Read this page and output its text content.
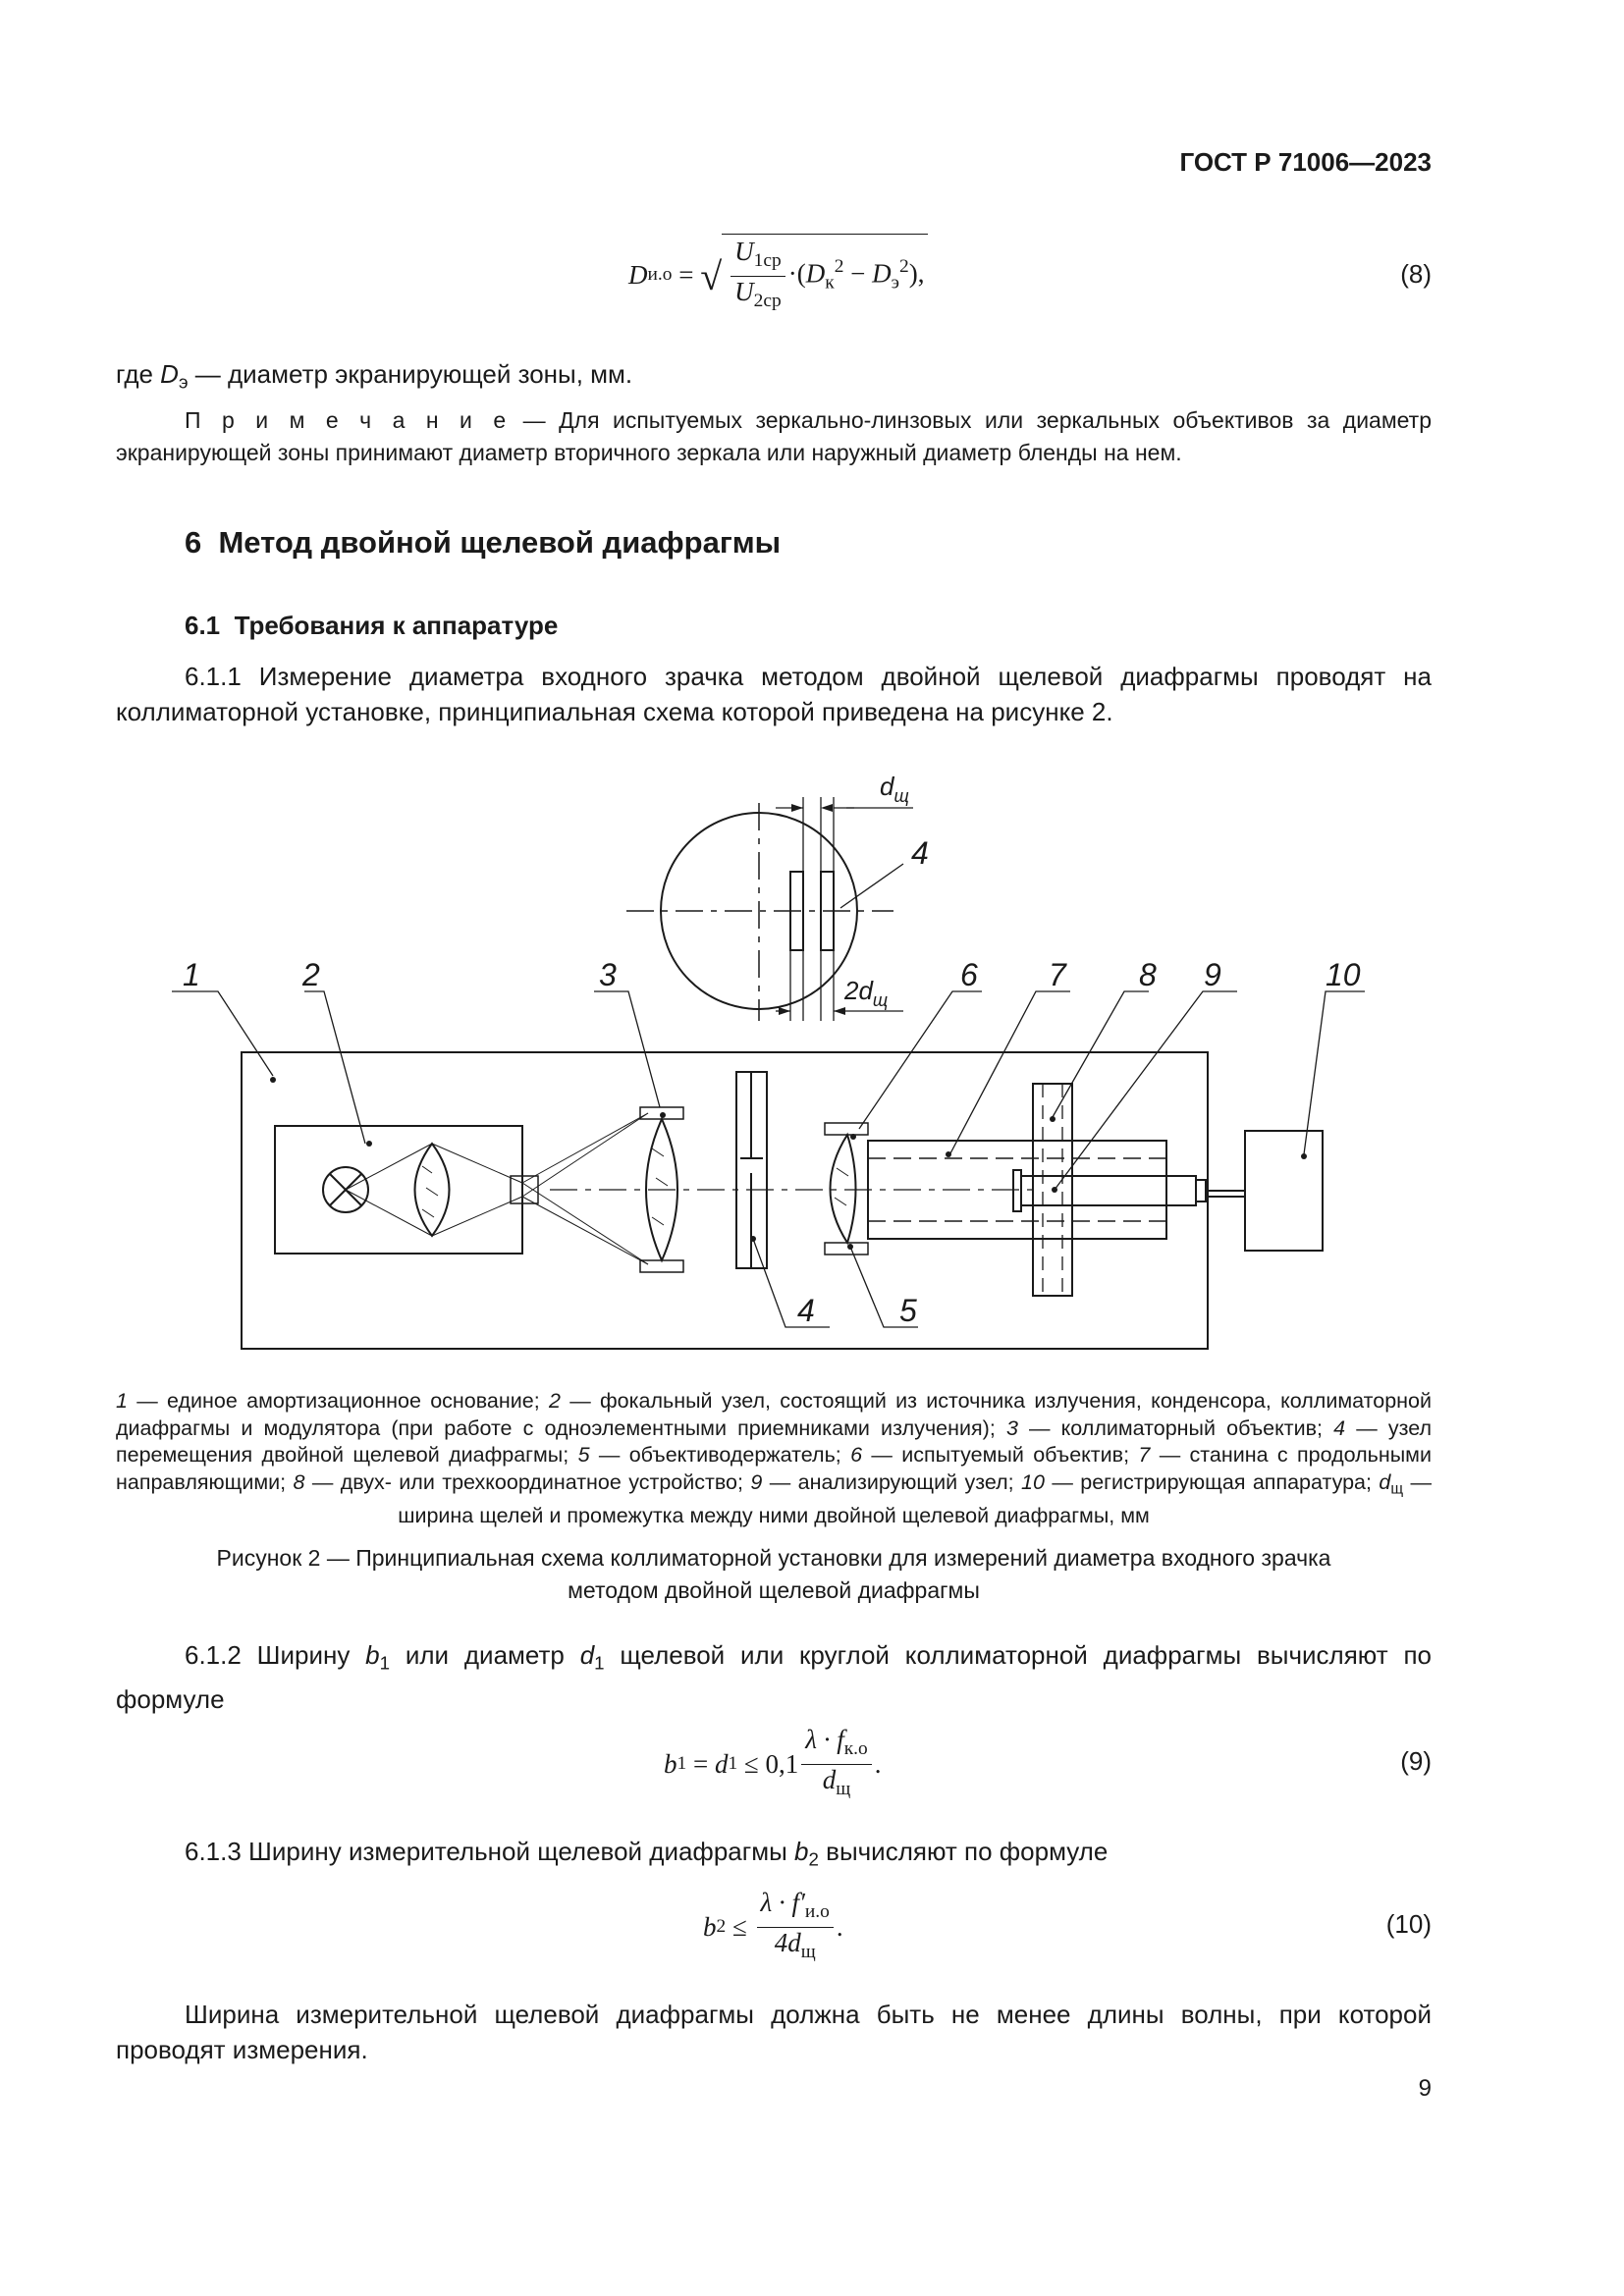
ГОСТ Р 71006—2023
D и.о = √ $\frac{U_{1ср}}{U_{2ср}} \cdot(D_к^2 - D_э^2)$,	(8)
где $D_э$ — диаметр экранирующей зоны, мм.
П р и м е ч а н и е — Для испытуемых зеркально-линзовых или зеркальных объективов за диаметр экранирующей зоны принимают диаметр вторичного зеркала или наружный диаметр бленды на нем.
6  Метод двойной щелевой диафрагмы
6.1  Требования к аппаратуре
6.1.1 Измерение диаметра входного зрачка методом двойной щелевой диафрагмы проводят на коллиматорной установке, принципиальная схема которой приведена на рисунке 2.
1	2	3	6 7 8 9	10
4	5
4
$d_щ$
$2d_щ$
1 — единое амортизационное основание; 2 — фокальный узел, состоящий из источника излучения, конденсора, коллиматорной диафрагмы и модулятора (при работе с одноэлементными приемниками излучения); 3 — коллиматорный объектив; 4 — узел перемещения двойной щелевой диафрагмы; 5 — объективодержатель; 6 — испытуемый объектив; 7 — станина с продольными направляющими; 8 — двух- или трехкоординатное устройство; 9 — анализирующий узел; 10 — регистрирующая аппаратура; $d_щ$ — ширина щелей и промежутка между ними двойной щелевой диафрагмы, мм
Рисунок 2 — Принципиальная схема коллиматорной установки для измерений диаметра входного зрачка
методом двойной щелевой диафрагмы
6.1.2 Ширину $b_1$ или диаметр $d_1$ щелевой или круглой коллиматорной диафрагмы вычисляют по формуле
b 1 = d $1 \le 0,1 \frac{\lambda \cdot f_{к.о}}{d_щ}$ .	(9)
6.1.3 Ширину измерительной щелевой диафрагмы $b_2$ вычисляют по формуле
b $2 \le \frac{\lambda \cdot f'_{и.о}}{4d_щ}$ .	(10)
Ширина измерительной щелевой диафрагмы должна быть не менее длины волны, при которой проводят измерения.
9
